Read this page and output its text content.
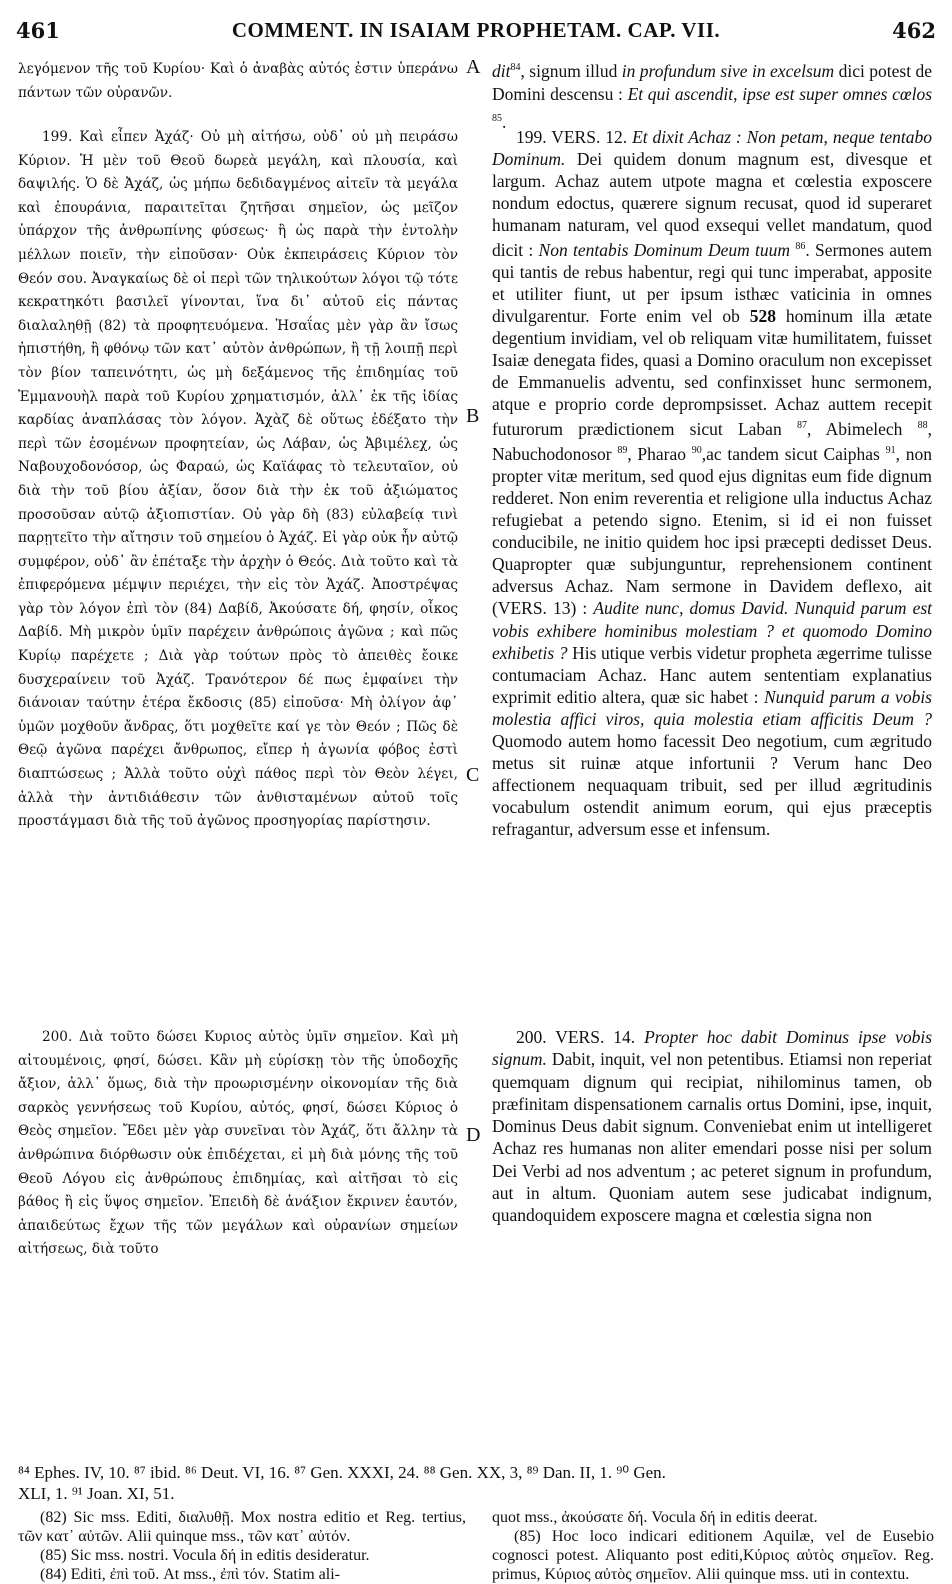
461	COMMENT. IN ISAIAM PROPHETAM. CAP. VII.	462

λεγόμενον τῆς τοῦ Κυρίου· Καὶ ὁ ἀναβὰς αὐτός ἐστιν ὑπεράνω πάντων τῶν οὐρανῶν.

199. Καὶ εἶπεν Ἀχάζ· Οὐ μὴ αἰτήσω, οὐδ᾽ οὐ μὴ πειράσω Κύριον. Ἡ μὲν τοῦ Θεοῦ δωρεὰ μεγάλη, καὶ πλουσία, καὶ δαψιλής. Ὁ δὲ Ἀχάζ, ὡς μήπω δεδιδαγμένος αἰτεῖν τὰ μεγάλα καὶ ἐπουράνια, παραιτεῖται ζητῆσαι σημεῖον, ὡς μεῖζον ὑπάρχον τῆς ἀνθρωπίνης φύσεως· ἢ ὡς παρὰ τὴν ἐντολὴν μέλλων ποιεῖν, τὴν εἰποῦσαν· Οὐκ ἐκπειράσεις Κύριον τὸν Θεόν σου. Ἀναγκαίως δὲ οἱ περὶ τῶν τηλικούτων λόγοι τῷ τότε κεκρατηκότι βασιλεῖ γίνονται, ἵνα δι᾽ αὐτοῦ εἰς πάντας διαλαληθῇ (82) τὰ προφητευόμενα. Ἠσαΐας μὲν γὰρ ἂν ἴσως ἠπιστήθη, ἢ φθόνῳ τῶν κατ᾽ αὐτὸν ἀνθρώπων, ἢ τῇ λοιπῇ περὶ τὸν βίον ταπεινότητι, ὡς μὴ δεξάμενος τῆς ἐπιδημίας τοῦ Ἐμμανουὴλ παρὰ τοῦ Κυρίου χρηματισμόν, ἀλλ᾽ ἐκ τῆς ἰδίας καρδίας ἀναπλάσας τὸν λόγον. Ἀχὰζ δὲ οὕτως ἐδέξατο τὴν περὶ τῶν ἐσομένων προφητείαν, ὡς Λάβαν, ὡς Ἀβιμέλεχ, ὡς Ναβουχοδονόσορ, ὡς Φαραώ, ὡς Καϊάφας τὸ τελευταῖον, οὐ διὰ τὴν τοῦ βίου ἀξίαν, ὅσον διὰ τὴν ἐκ τοῦ ἀξιώματος προσοῦσαν αὐτῷ ἀξιοπιστίαν. Οὐ γὰρ δὴ (83) εὐλαβείᾳ τινὶ παρῃτεῖτο τὴν αἴτησιν τοῦ σημείου ὁ Ἀχάζ. Εἰ γὰρ οὐκ ἦν αὐτῷ συμφέρον, οὐδ᾽ ἂν ἐπέταξε τὴν ἀρχὴν ὁ Θεός. Διὰ τοῦτο καὶ τὰ ἐπιφερόμενα μέμψιν περιέχει, τὴν εἰς τὸν Ἀχάζ. Ἀποστρέψας γὰρ τὸν λόγον ἐπὶ τὸν (84) Δαβίδ, Ἀκούσατε δή, φησίν, οἶκος Δαβίδ. Μὴ μικρὸν ὑμῖν παρέχειν ἀνθρώποις ἀγῶνα ; καὶ πῶς Κυρίῳ παρέχετε ; Διὰ γὰρ τούτων πρὸς τὸ ἀπειθὲς ἔοικε δυσχεραίνειν τοῦ Ἀχάζ. Τρανότερον δέ πως ἐμφαίνει τὴν διάνοιαν ταύτην ἑτέρα ἔκδοσις (85) εἰποῦσα· Μὴ ὀλίγον ἀφ᾽ ὑμῶν μοχθοῦν ἄνδρας, ὅτι μοχθεῖτε καί γε τὸν Θεόν ; Πῶς δὲ Θεῷ ἀγῶνα παρέχει ἄνθρωπος, εἴπερ ἡ ἀγωνία φόβος ἐστὶ διαπτώσεως ; Ἀλλὰ τοῦτο οὐχὶ πάθος περὶ τὸν Θεὸν λέγει, ἀλλὰ τὴν ἀντιδιάθεσιν τῶν ἀνθισταμένων αὐτοῦ τοῖς προστάγμασι διὰ τῆς τοῦ ἀγῶνος προσηγορίας παρίστησιν.

200. Διὰ τοῦτο δώσει Κυριος αὐτὸς ὑμῖν σημεῖον. Καὶ μὴ αἰτουμένοις, φησί, δώσει. Κἂν μὴ εὑρίσκῃ τὸν τῆς ὑποδοχῆς ἄξιον, ἀλλ᾽ ὅμως, διὰ τὴν προωρισμένην οἰκονομίαν τῆς διὰ σαρκὸς γεννήσεως τοῦ Κυρίου, αὐτός, φησί, δώσει Κύριος ὁ Θεὸς σημεῖον. Ἔδει μὲν γὰρ συνεῖναι τὸν Ἀχάζ, ὅτι ἄλλην τὰ ἀνθρώπινα διόρθωσιν οὐκ ἐπιδέχεται, εἰ μὴ διὰ μόνης τῆς τοῦ Θεοῦ Λόγου εἰς ἀνθρώπους ἐπιδημίας, καὶ αἰτῆσαι τὸ εἰς βάθος ἢ εἰς ὕψος σημεῖον. Ἐπειδὴ δὲ ἀνάξιον ἔκρινεν ἑαυτόν, ἀπαιδεύτως ἔχων τῆς τῶν μεγάλων καὶ οὐρανίων σημείων αἰτήσεως, διὰ τοῦτο

A
B
C
D

dit$^{84}$, signum illud in profundum sive in excelsum dici potest de Domini descensu : Et qui ascendit, ipse est super omnes cœlos $^{85}$.

199. VERS. 12. Et dixit Achaz : Non petam, neque tentabo Dominum. Dei quidem donum magnum est, divesque et largum. Achaz autem utpote magna et cœlestia exposcere nondum edoctus, quærere signum recusat, quod id superaret humanam naturam, vel quod exsequi vellet mandatum, quod dicit : Non tentabis Dominum Deum tuum $^{86}$. Sermones autem qui tantis de rebus habentur, regi qui tunc imperabat, apposite et utiliter fiunt, ut per ipsum isthæc vaticinia in omnes divulgarentur. Forte enim vel ob 528 hominum illa ætate degentium invidiam, vel ob reliquam vitæ humilitatem, fuisset Isaiæ denegata fides, quasi a Domino oraculum non excepisset de Emmanuelis adventu, sed confinxisset hunc sermonem, atque e proprio corde deprompsisset. Achaz auttem recepit futurorum prædictionem sicut Laban $^{87}$, Abimelech $^{88}$, Nabuchodonosor $^{89}$, Pharao $^{90}$,ac tandem sicut Caiphas $^{91}$, non propter vitæ meritum, sed quod ejus dignitas eum fide dignum redderet. Non enim reverentia et religione ulla inductus Achaz refugiebat a petendo signo. Etenim, si id ei non fuisset conducibile, ne initio quidem hoc ipsi præcepti dedisset Deus. Quapropter quæ subjunguntur, reprehensionem continent adversus Achaz. Nam sermone in Davidem deflexo, ait (VERS. 13) : Audite nunc, domus David. Nunquid parum est vobis exhibere hominibus molestiam ? et quomodo Domino exhibetis ? His utique verbis videtur propheta ægerrime tulisse contumaciam Achaz. Hanc autem sententiam explanatius exprimit editio altera, quæ sic habet : Nunquid parum a vobis molestia affici viros, quia molestia etiam afficitis Deum ? Quomodo autem homo facessit Deo negotium, cum ægritudo metus sit ruinæ atque infortunii ? Verum hanc Deo affectionem nequaquam tribuit, sed per illud ægritudinis vocabulum ostendit animum eorum, qui ejus præceptis refragantur, adversum esse et infensum.

200. VERS. 14. Propter hoc dabit Dominus ipse vobis signum. Dabit, inquit, vel non petentibus. Etiamsi non reperiat quemquam dignum qui recipiat, nihilominus tamen, ob præfinitam dispensationem carnalis ortus Domini, ipse, inquit, Dominus Deus dabit signum. Conveniebat enim ut intelligeret Achaz res humanas non aliter emendari posse nisi per solum Dei Verbi ad nos adventum ; ac peteret signum in profundum, aut in altum. Quoniam autem sese judicabat indignum, quandoquidem exposcere magna et cœlestia signa non

⁸⁴ Ephes. IV, 10. ⁸⁷ ibid. ⁸⁶ Deut. VI, 16. ⁸⁷ Gen. XXXI, 24. ⁸⁸ Gen. XX, 3, ⁸⁹ Dan. II, 1. ⁹⁰ Gen.
XLI, 1. ⁹¹ Joan. XI, 51.

(82) Sic mss. Editi, διαλυθῇ. Mox nostra editio et Reg. tertius, τῶν κατ᾽ αὐτῶν. Alii quinque mss., τῶν κατ᾽ αὐτόν.

(85) Sic mss. nostri. Vocula δή in editis desideratur.

(84) Editi, ἐπὶ τοῦ. At mss., ἐπὶ τόν. Statim ali-

quot mss., ἀκούσατε δή. Vocula δή in editis deerat.

(85) Hoc loco indicari editionem Aquilæ, vel de Eusebio cognosci potest. Aliquanto post editi,Κύριος αὐτὸς σημεῖον. Reg. primus, Κύριος αὐτὸς σημεῖον. Alii quinque mss. uti in contextu.
